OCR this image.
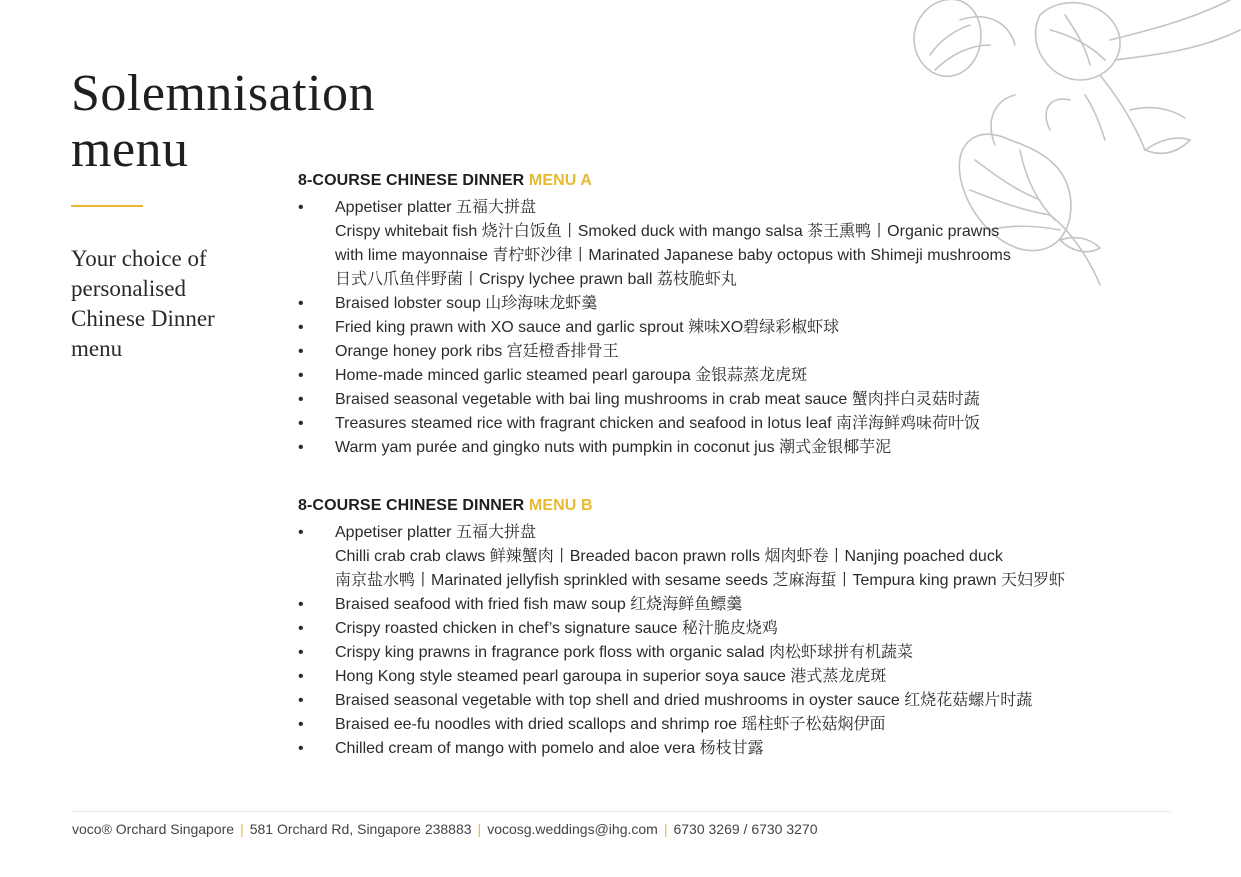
Solemnisation
menu

Your choice of
personalised
Chinese Dinner
menu

8-COURSE CHINESE DINNER MENU A
• Appetiser platter 五福大拼盘
Crispy whitebait fish 烧汁白饭鱼丨Smoked duck with mango salsa 茶王熏鸭丨Organic prawns
with lime mayonnaise 青柠虾沙律丨Marinated Japanese baby octopus with Shimeji mushrooms
日式八爪鱼伴野菌丨Crispy lychee prawn ball 荔枝脆虾丸
• Braised lobster soup 山珍海味龙虾羹
• Fried king prawn with XO sauce and garlic sprout 辣味XO碧绿彩椒虾球
• Orange honey pork ribs 宫廷橙香排骨王
• Home-made minced garlic steamed pearl garoupa 金银蒜蒸龙虎斑
• Braised seasonal vegetable with bai ling mushrooms in crab meat sauce 蟹肉拌白灵菇时蔬
• Treasures steamed rice with fragrant chicken and seafood in lotus leaf 南洋海鲜鸡味荷叶饭
• Warm yam purée and gingko nuts with pumpkin in coconut jus 潮式金银椰芋泥
8-COURSE CHINESE DINNER MENU B
• Appetiser platter 五福大拼盘
Chilli crab crab claws 鲜辣蟹肉丨Breaded bacon prawn rolls 烟肉虾卷丨Nanjing poached duck
南京盐水鸭丨Marinated jellyfish sprinkled with sesame seeds 芝麻海蜇丨Tempura king prawn 天妇罗虾
• Braised seafood with fried fish maw soup 红烧海鲜鱼鳔羹
• Crispy roasted chicken in chef’s signature sauce 秘汁脆皮烧鸡
• Crispy king prawns in fragrance pork floss with organic salad 肉松虾球拼有机蔬菜
• Hong Kong style steamed pearl garoupa in superior soya sauce 港式蒸龙虎斑
• Braised seasonal vegetable with top shell and dried mushrooms in oyster sauce 红烧花菇螺片时蔬
• Braised ee-fu noodles with dried scallops and shrimp roe 瑶柱虾子松菇焖伊面
• Chilled cream of mango with pomelo and aloe vera 杨枝甘露
voco® Orchard Singapore | 581 Orchard Rd, Singapore 238883 | vocosg.weddings@ihg.com | 6730 3269 / 6730 3270
